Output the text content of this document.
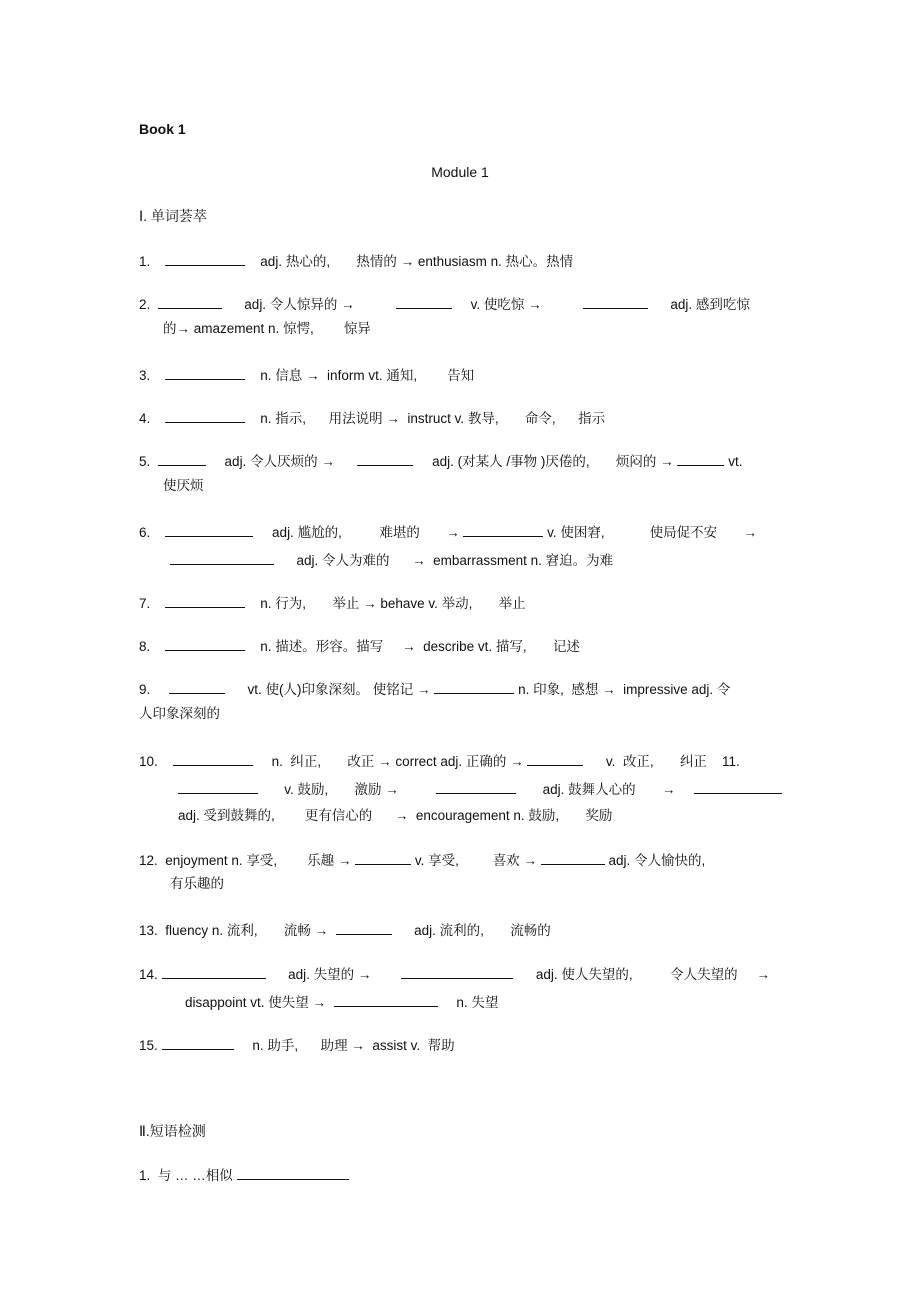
Book 1
Module 1
Ⅰ. 单词荟萃
1.	adj. 热心的, 热情的 → enthusiasm n. 热心。热情
2.	adj. 令人惊异的 →	v. 使吃惊 →	adj. 感到吃惊
的→ amazement n. 惊愕, 惊异
3.	n. 信息 →  inform vt. 通知, 告知
4.	n. 指示, 用法说明 →  instruct v. 教导, 命令, 指示
5.	adj. 令人厌烦的 →	adj. (对某人 /事物 )厌倦的, 烦闷的 →	vt.
使厌烦
6.	adj. 尴尬的,	难堪的 →	v. 使困窘,	使局促不安 →
adj. 令人为难的 →  embarrassment n. 窘迫。为难
7.	n. 行为, 举止 → behave v. 举动, 举止
8.	n. 描述。形容。描写 →  describe vt. 描写, 记述
9.	vt. 使(人)印象深刻。 使铭记 →	n. 印象,  感想 →  impressive adj. 令
人印象深刻的
10.	n.  纠正, 改正 → correct adj. 正确的 →	v.  改正, 纠正 11.
v. 鼓励, 激励 →	adj. 鼓舞人心的 →
adj. 受到鼓舞的, 更有信心的 →  encouragement n. 鼓励, 奖励
12. enjoyment n. 享受, 乐趣 →	v. 享受,	喜欢 →	adj. 令人愉快的,
有乐趣的
13. fluency n. 流利, 流畅 →	adj. 流利的, 流畅的
14.	adj. 失望的 →	adj. 使人失望的,	令人失望的 →
disappoint vt. 使失望 →	n. 失望
15.	n. 助手, 助理 →  assist v.  帮助
Ⅱ.短语检测
1. 与 … …相似
